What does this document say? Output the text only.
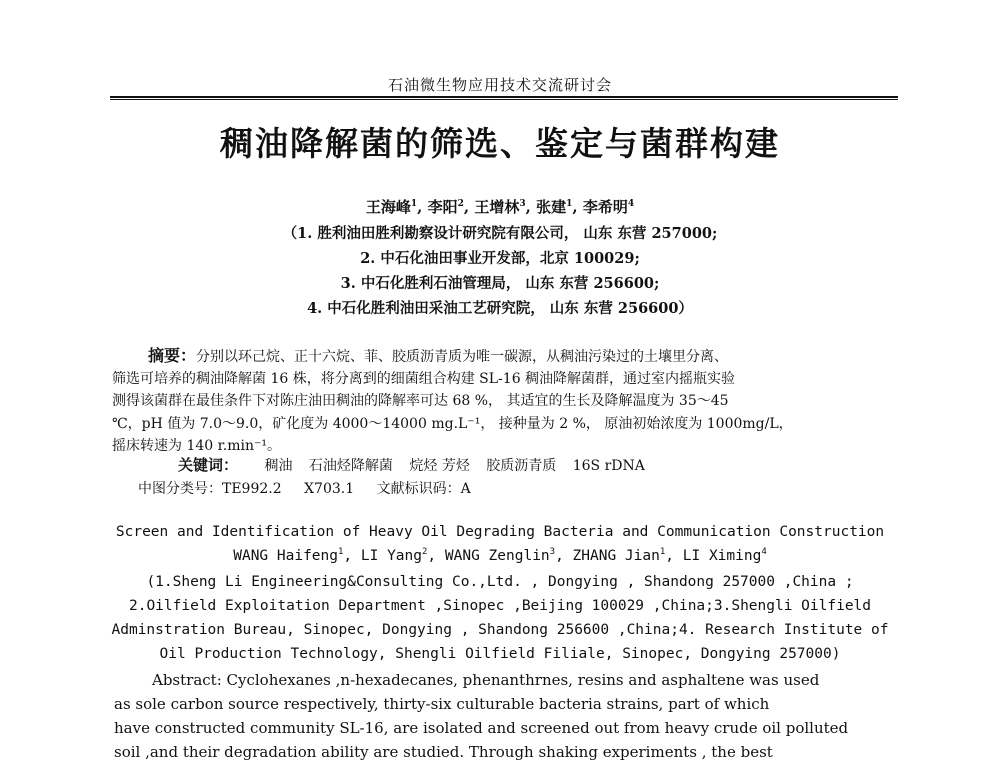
石油微生物应用技术交流研讨会
稠油降解菌的筛选、鉴定与菌群构建
王海峰$^1$, 李阳$^2$, 王增林$^3$, 张建$^1$, 李希明$^4$
（1. 胜利油田胜利勘察设计研究院有限公司， 山东 东营 257000;
2. 中石化油田事业开发部，北京 100029;
3. 中石化胜利石油管理局， 山东 东营 256600;
4. 中石化胜利油田采油工艺研究院， 山东 东营 256600）
摘要：分别以环己烷、正十六烷、菲、胶质沥青质为唯一碳源，从稠油污染过的土壤里分离、
筛选可培养的稠油降解菌 16 株，将分离到的细菌组合构建 SL-16 稠油降解菌群，通过室内摇瓶实验
测得该菌群在最佳条件下对陈庄油田稠油的降解率可达 68 %， 其适宜的生长及降解温度为 35～45
℃，pH 值为 7.0～9.0，矿化度为 4000～14000 mg.L⁻¹， 接种量为 2 %， 原油初始浓度为 1000mg/L，
摇床转速为 140 r.min⁻¹。
关键词： 稠油 石油烃降解菌 烷烃 芳烃 胶质沥青质 16S rDNA
中图分类号：TE992.2 X703.1 文献标识码：A
Screen and Identification of Heavy Oil Degrading Bacteria and Communication Construction
WANG Haifeng$^1$, LI Yang$^2$, WANG Zenglin$^3$, ZHANG Jian$^1$, LI Ximing$^4$
(1.Sheng Li Engineering&Consulting Co.,Ltd. , Dongying , Shandong 257000 ,China ;
2.Oilfield Exploitation Department ,Sinopec ,Beijing 100029 ,China;3.Shengli Oilfield
Adminstration Bureau, Sinopec, Dongying , Shandong 256600 ,China;4. Research Institute of
Oil Production Technology, Shengli Oilfield Filiale, Sinopec, Dongying 257000)
Abstract: Cyclohexanes ,n-hexadecanes, phenanthrnes, resins and asphaltene was used
as sole carbon source respectively, thirty-six culturable bacteria strains, part of which
have constructed community SL-16, are isolated and screened out from heavy crude oil polluted
soil ,and their degradation ability are studied. Through shaking experiments , the best
